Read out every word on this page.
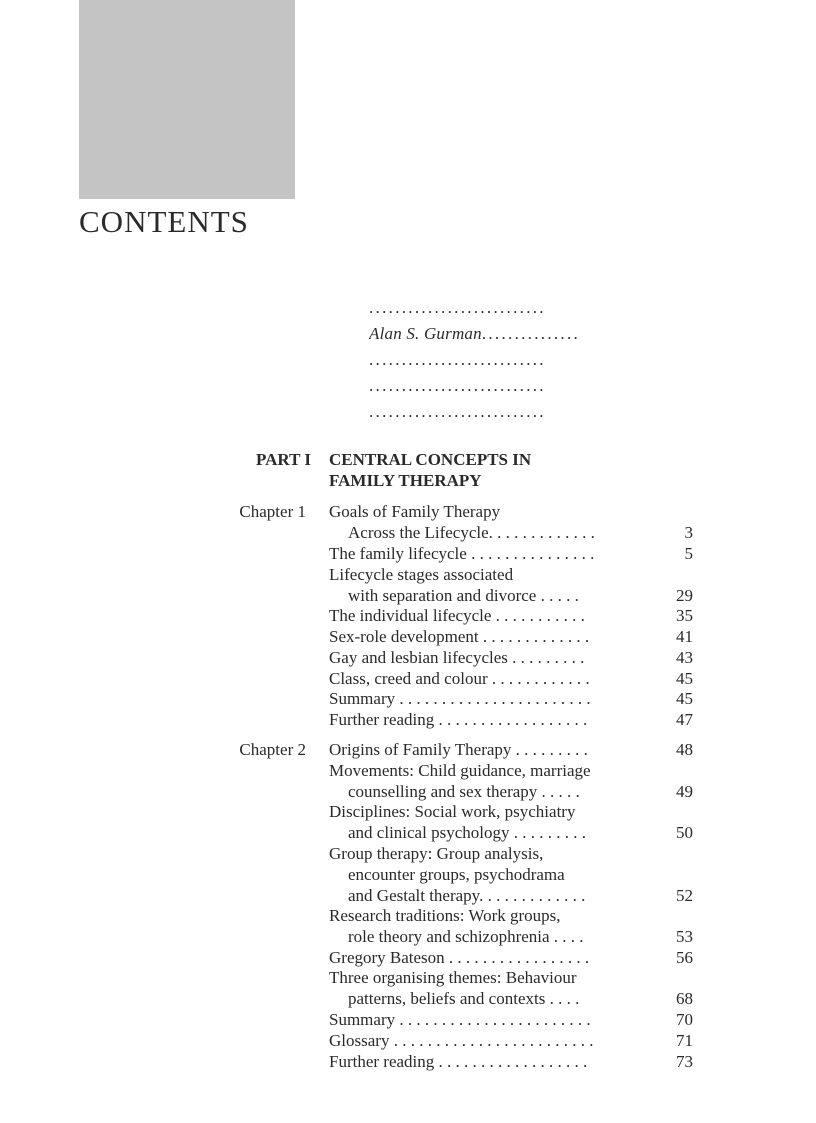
CONTENTS
...........................
Alan S. Gurman...............
...........................
...........................
...........................
PART I CENTRAL CONCEPTS IN
FAMILY THERAPY
Chapter 1 Goals of Family Therapy
Across the Lifecycle. . . . . . . . . . . . .	3
The family lifecycle . . . . . . . . . . . . . . .	5
Lifecycle stages associated
with separation and divorce . . . . .	29
The individual lifecycle . . . . . . . . . . .	35
Sex-role development . . . . . . . . . . . . .	41
Gay and lesbian lifecycles . . . . . . . . .	43
Class, creed and colour . . . . . . . . . . . .	45
Summary . . . . . . . . . . . . . . . . . . . . . . .	45
Further reading . . . . . . . . . . . . . . . . . .	47
Chapter 2 Origins of Family Therapy . . . . . . . . .	48
Movements: Child guidance, marriage
counselling and sex therapy . . . . .	49
Disciplines: Social work, psychiatry
and clinical psychology . . . . . . . . .	50
Group therapy: Group analysis,
encounter groups, psychodrama
and Gestalt therapy. . . . . . . . . . . . .	52
Research traditions: Work groups,
role theory and schizophrenia . . . .	53
Gregory Bateson . . . . . . . . . . . . . . . . .	56
Three organising themes: Behaviour
patterns, beliefs and contexts . . . .	68
Summary . . . . . . . . . . . . . . . . . . . . . . .	70
Glossary . . . . . . . . . . . . . . . . . . . . . . . .	71
Further reading . . . . . . . . . . . . . . . . . .	73
